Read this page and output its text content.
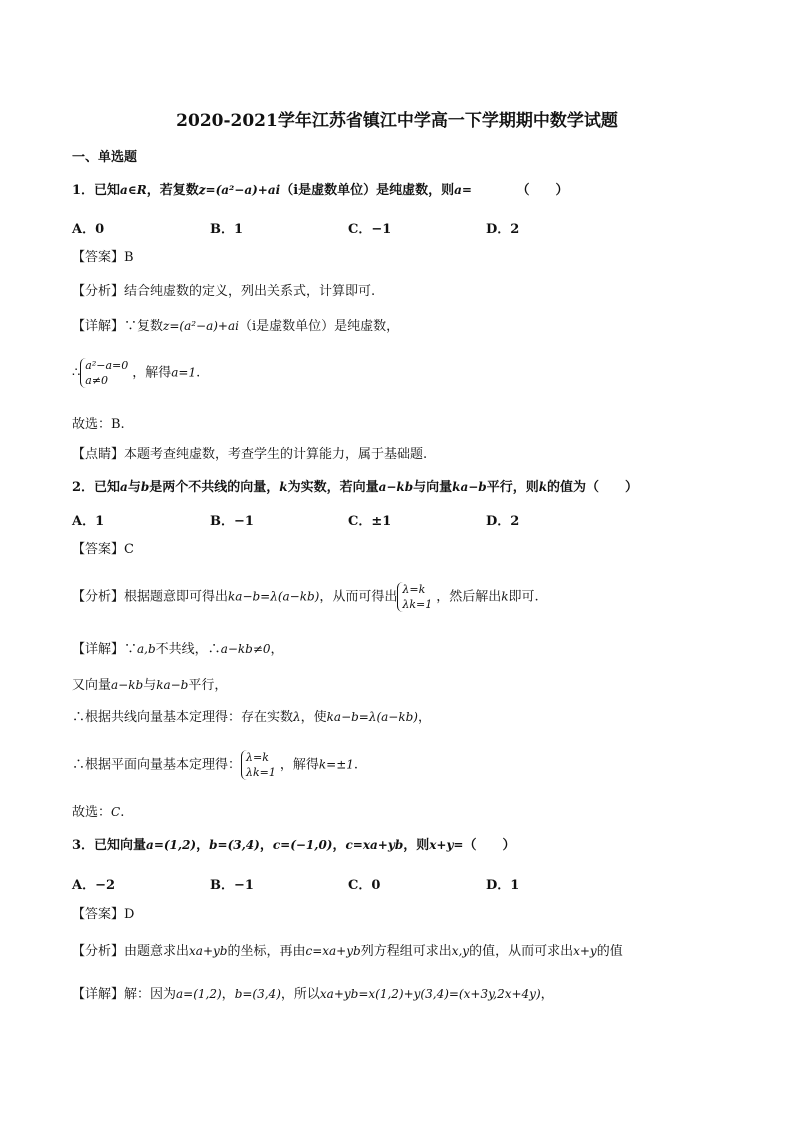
2020-2021学年江苏省镇江中学高一下学期期中数学试题
一、单选题
1．已知a∈R，若复数z=(a²−a)+ai（i是虚数单位）是纯虚数，则a=	（　　）
A．0	B．1	C．−1	D．2
【答案】B
【分析】结合纯虚数的定义，列出关系式，计算即可.
【详解】∵复数z=(a²−a)+ai（i是虚数单位）是纯虚数，
∴ a²−a=0
a≠0	，解得a=1.
故选：B.
【点睛】本题考查纯虚数，考查学生的计算能力，属于基础题.
2．已知a与b是两个不共线的向量，k为实数，若向量a−kb与向量ka−b平行，则k的值为（　　）
A．1	B．−1	C．±1	D．2
【答案】C
【分析】根据题意即可得出ka−b=λ(a−kb)，从而可得出 λ=k
λk=1 ，然后解出k即可.
【详解】∵a,b不共线，∴a−kb≠0，
又向量a−kb与ka−b平行，
∴根据共线向量基本定理得：存在实数λ，使ka−b=λ(a−kb)，
∴根据平面向量基本定理得： λ=k
λk=1 ，解得k=±1.
故选：C.
3．已知向量a=(1,2)，b=(3,4)，c=(−1,0)，c=xa+yb，则x+y=（　　）
A．−2	B．−1	C．0	D．1
【答案】D
【分析】由题意求出xa+yb的坐标，再由c=xa+yb列方程组可求出x,y的值，从而可求出x+y的值
【详解】解：因为a=(1,2)，b=(3,4)，所以xa+yb=x(1,2)+y(3,4)=(x+3y,2x+4y)，
